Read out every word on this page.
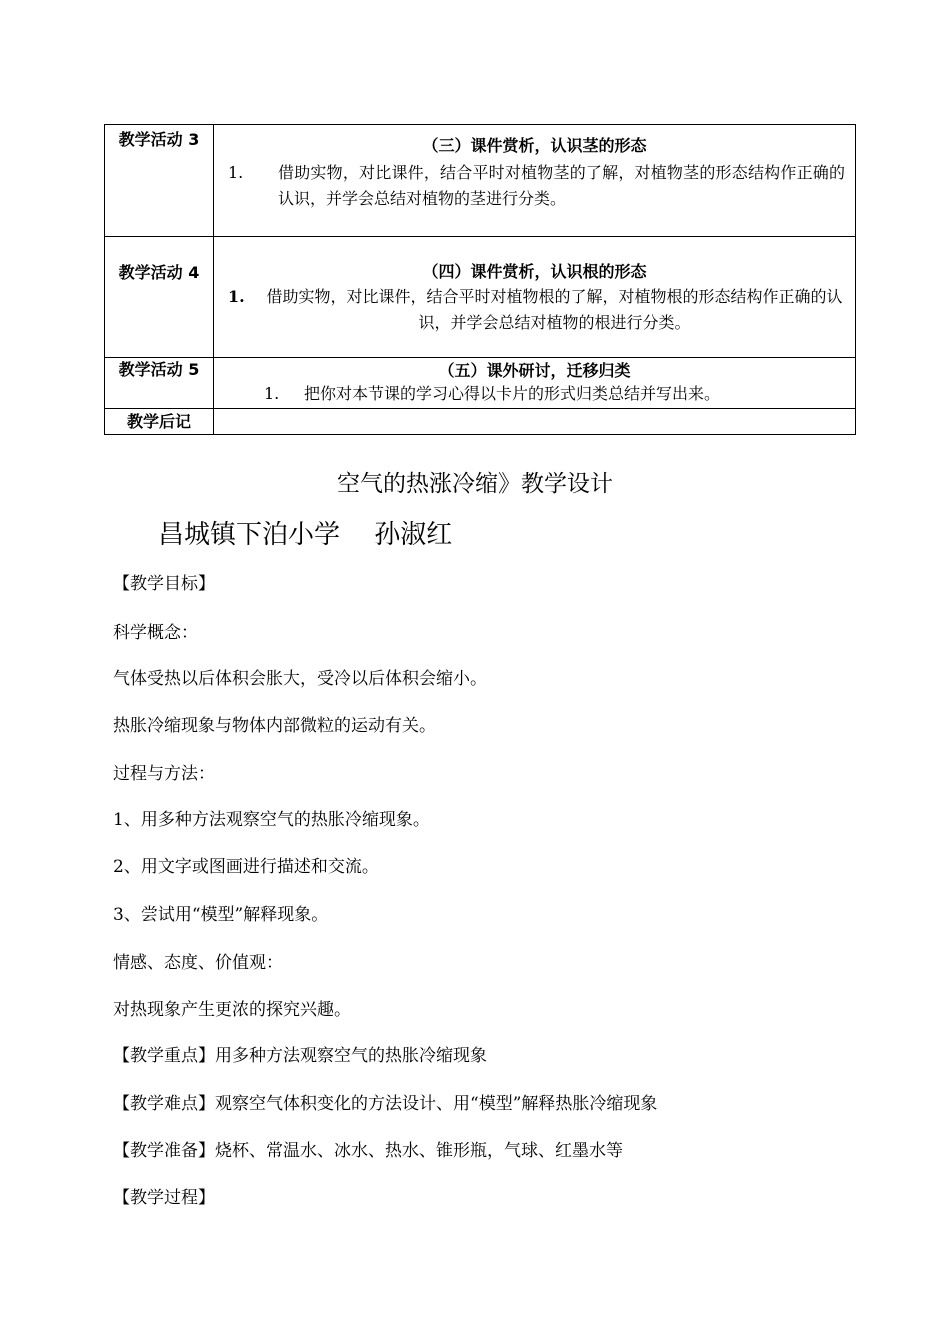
教学活动 3	（三）课件赏析，认识茎的形态
1. 借助实物，对比课件，结合平时对植物茎的了解，对植物茎的形态结构作正确的认识，并学会总结对植物的茎进行分类。

教学活动 4	（四）课件赏析，认识根的形态
1. 借助实物，对比课件，结合平时对植物根的了解，对植物根的形态结构作正确的认识，并学会总结对植物的根进行分类。

教学活动 5	（五）课外研讨，迁移归类
1. 把你对本节课的学习心得以卡片的形式归类总结并写出来。

教学后记	

空气的热涨冷缩》教学设计
昌城镇下泊小学　 孙淑红
【教学目标】
科学概念：
气体受热以后体积会胀大，受冷以后体积会缩小。
热胀冷缩现象与物体内部微粒的运动有关。
过程与方法：
1、用多种方法观察空气的热胀冷缩现象。
2、用文字或图画进行描述和交流。
3、尝试用“模型”解释现象。
情感、态度、价值观：
对热现象产生更浓的探究兴趣。
【教学重点】用多种方法观察空气的热胀冷缩现象
【教学难点】观察空气体积变化的方法设计、用“模型”解释热胀冷缩现象
【教学准备】烧杯、常温水、冰水、热水、锥形瓶，气球、红墨水等
【教学过程】
